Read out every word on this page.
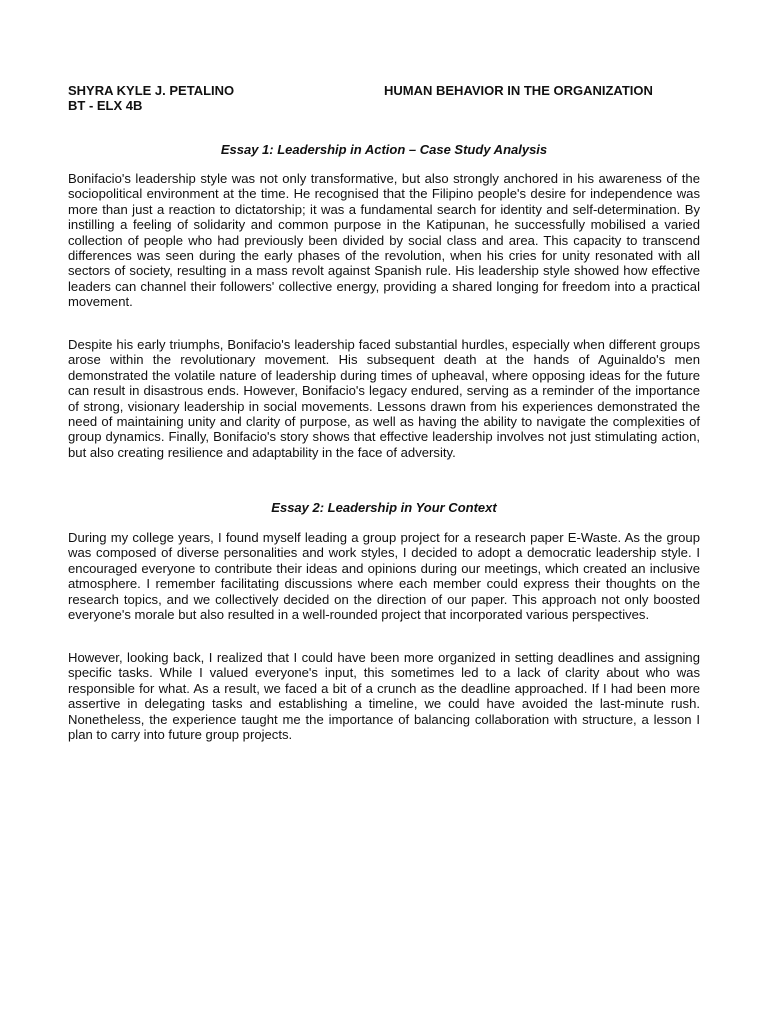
SHYRA KYLE J. PETALINO
BT - ELX 4B
HUMAN BEHAVIOR IN THE ORGANIZATION
Essay 1: Leadership in Action – Case Study Analysis

Bonifacio's leadership style was not only transformative, but also strongly anchored in his awareness of the sociopolitical environment at the time. He recognised that the Filipino people's desire for independence was more than just a reaction to dictatorship; it was a fundamental search for identity and self-determination. By instilling a feeling of solidarity and common purpose in the Katipunan, he successfully mobilised a varied collection of people who had previously been divided by social class and area. This capacity to transcend differences was seen during the early phases of the revolution, when his cries for unity resonated with all sectors of society, resulting in a mass revolt against Spanish rule. His leadership style showed how effective leaders can channel their followers' collective energy, providing a shared longing for freedom into a practical movement.

Despite his early triumphs, Bonifacio's leadership faced substantial hurdles, especially when different groups arose within the revolutionary movement. His subsequent death at the hands of Aguinaldo's men demonstrated the volatile nature of leadership during times of upheaval, where opposing ideas for the future can result in disastrous ends. However, Bonifacio's legacy endured, serving as a reminder of the importance of strong, visionary leadership in social movements. Lessons drawn from his experiences demonstrated the need of maintaining unity and clarity of purpose, as well as having the ability to navigate the complexities of group dynamics. Finally, Bonifacio's story shows that effective leadership involves not just stimulating action, but also creating resilience and adaptability in the face of adversity.

Essay 2: Leadership in Your Context

During my college years, I found myself leading a group project for a research paper E-Waste. As the group was composed of diverse personalities and work styles, I decided to adopt a democratic leadership style. I encouraged everyone to contribute their ideas and opinions during our meetings, which created an inclusive atmosphere. I remember facilitating discussions where each member could express their thoughts on the research topics, and we collectively decided on the direction of our paper. This approach not only boosted everyone's morale but also resulted in a well-rounded project that incorporated various perspectives.

However, looking back, I realized that I could have been more organized in setting deadlines and assigning specific tasks. While I valued everyone's input, this sometimes led to a lack of clarity about who was responsible for what. As a result, we faced a bit of a crunch as the deadline approached. If I had been more assertive in delegating tasks and establishing a timeline, we could have avoided the last-minute rush. Nonetheless, the experience taught me the importance of balancing collaboration with structure, a lesson I plan to carry into future group projects.
